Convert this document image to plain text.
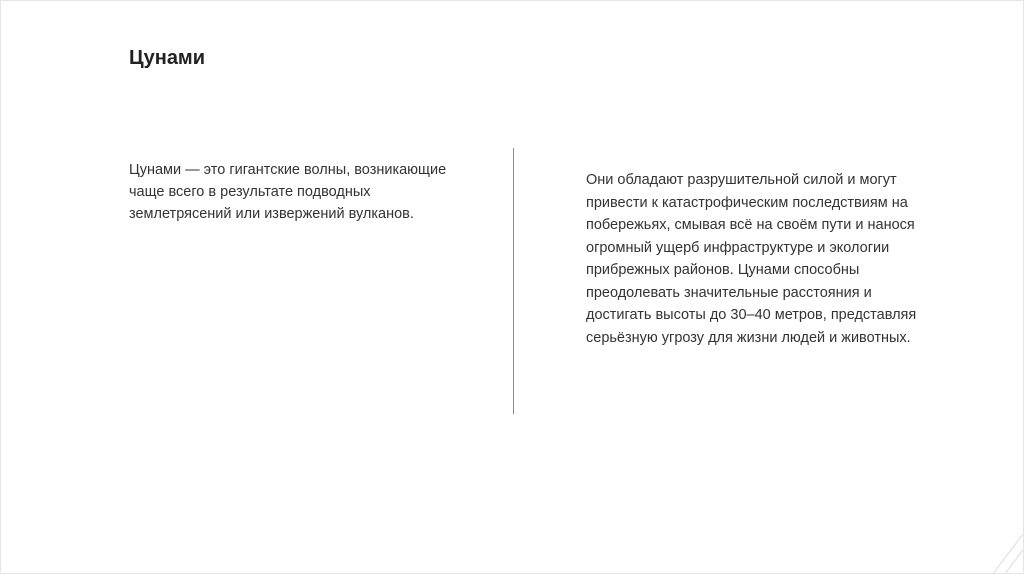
Цунами

Цунами — это гигантские волны, возникающие чаще всего в результате подводных землетрясений или извержений вулканов.

Они обладают разрушительной силой и могут привести к катастрофическим последствиям на побережьях, смывая всё на своём пути и нанося огромный ущерб инфраструктуре и экологии прибрежных районов. Цунами способны преодолевать значительные расстояния и достигать высоты до 30–40 метров, представляя серьёзную угрозу для жизни людей и животных.
